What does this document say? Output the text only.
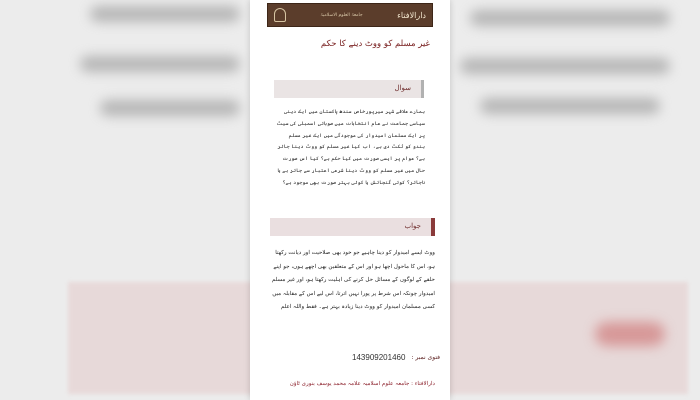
جامعۃ العلوم الاسلامیۃ	دارالافتاء
غیر مسلم کو ووٹ دینے کا حکم
سوال
ہمارے علاقے شہر میرپورخاص سندھ پاکستان میں ایک دینی سیاسی جماعت نے عام انتخابات میں صوبائی اسمبلی کی سیٹ پر ایک مسلمان امیدوار کی موجودگی میں ایک غیر مسلم ہندو کو ٹکٹ دی ہے، اب کیا غیر مسلم کو ووٹ دینا جائز ہے؟ عوام پر ایسی صورت میں کیا حکم ہے؟ کیا اس صورت حال میں غیر مسلم کو ووٹ دینا شرعی اعتبار سے جائز ہے یا ناجائز؟ کوئی گنجائش یا کوئی بہتر صورت بھی موجود ہے؟
جواب
ووٹ ایسے امیدوار کو دینا چاہیے جو خود بھی صلاحیت اور دیانت رکھتا ہو، اس کا ماحول اچھا ہو اور اس کے متعلقین بھی اچھے ہوں، جو اپنے حلقے کے لوگوں کے مسائل حل کرنے کی اہلیت رکھتا ہو، اور غیر مسلم امیدوار چونکہ اس شرط پر پورا نہیں اترتا، اس لیے اس کے مقابلہ میں کسی مسلمان امیدوار کو ووٹ دینا زیادہ بہتر ہے۔ فقط واللہ اعلم
143909201460 فتوی نمبر :
دارالافتاء : جامعہ علوم اسلامیہ علامہ محمد یوسف بنوری ٹاؤن
